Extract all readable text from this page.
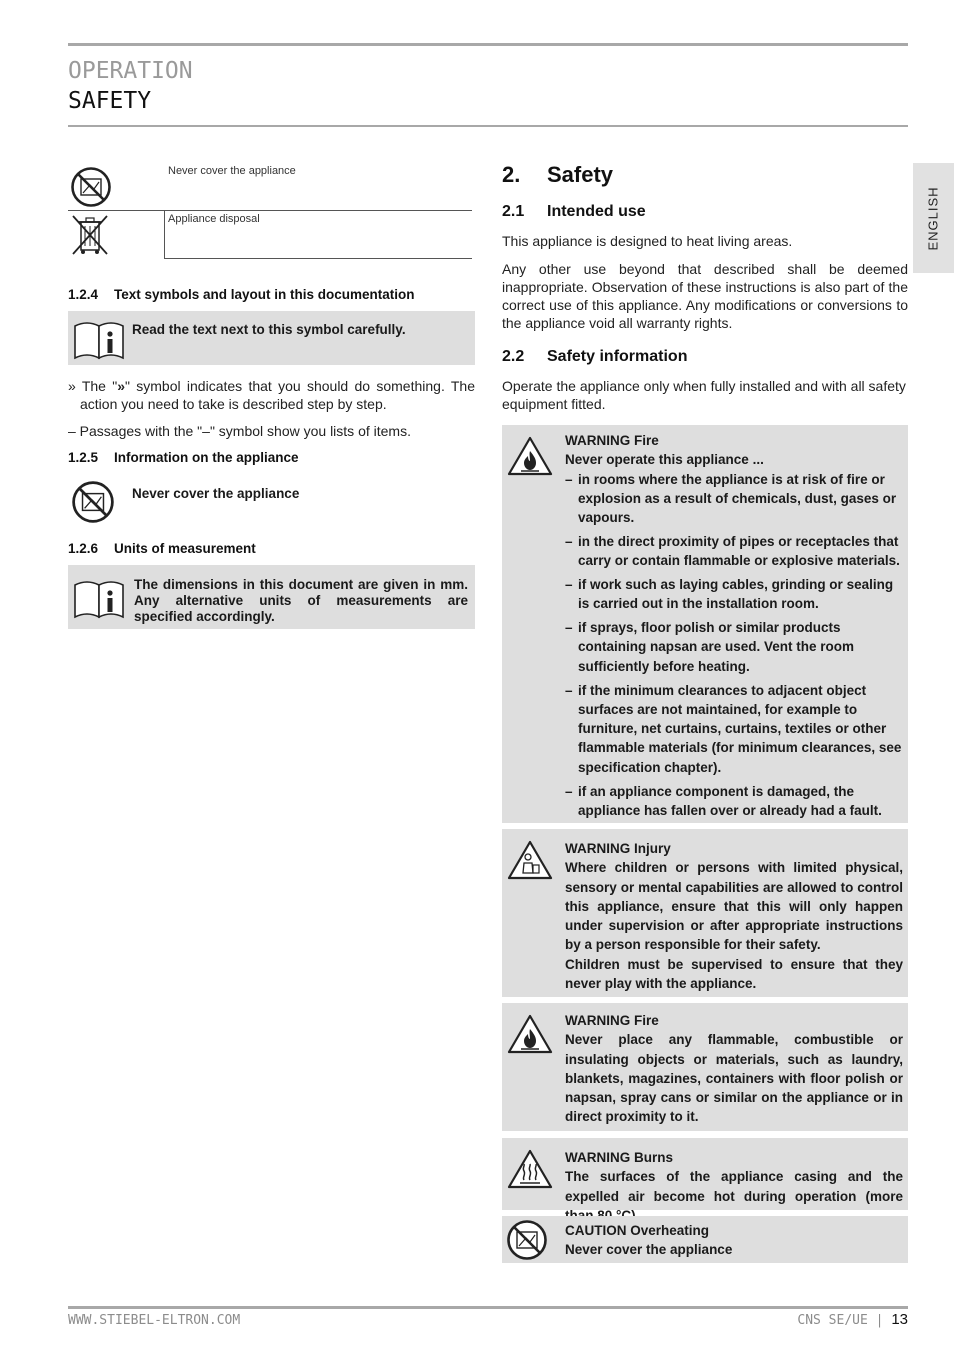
OPERATION
SAFETY
ENGLISH
Never cover the appliance
Appliance disposal
1.2.4 Text symbols and layout in this documentation
Read the text next to this symbol carefully.
» The "»" symbol indicates that you should do something. The action you need to take is described step by step.
– Passages with the "–" symbol show you lists of items.
1.2.5 Information on the appliance
Never cover the appliance
1.2.6 Units of measurement
The dimensions in this document are given in mm. Any alternative units of measurements are specified accordingly.
2. Safety
2.1 Intended use
This appliance is designed to heat living areas.
Any other use beyond that described shall be deemed inappropriate. Observation of these instructions is also part of the correct use of this appliance. Any modifications or conversions to the appliance void all warranty rights.
2.2 Safety information
Operate the appliance only when fully installed and with all safety equipment fitted.
WARNING Fire
Never operate this appliance ...
– in rooms where the appliance is at risk of fire or explosion as a result of chemicals, dust, gases or vapours.
– in the direct proximity of pipes or receptacles that carry or contain flammable or explosive materials.
– if work such as laying cables, grinding or sealing is carried out in the installation room.
– if sprays, floor polish or similar products containing napsan are used. Vent the room sufficiently before heating.
– if the minimum clearances to adjacent object surfaces are not maintained, for example to furniture, net curtains, curtains, textiles or other flammable materials (for minimum clearances, see specification chapter).
– if an appliance component is damaged, the appliance has fallen over or already had a fault.
WARNING Injury
Where children or persons with limited physical, sensory or mental capabilities are allowed to control this appliance, ensure that this will only happen under supervision or after appropriate instructions by a person responsible for their safety.
Children must be supervised to ensure that they never play with the appliance.
WARNING Fire
Never place any flammable, combustible or insulating objects or materials, such as laundry, blankets, magazines, containers with floor polish or napsan, spray cans or similar on the appliance or in direct proximity to it.
WARNING Burns
The surfaces of the appliance casing and the expelled air become hot during operation (more
CAUTION Overheating
Never cover the appliance
WWW.STIEBEL-ELTRON.COM	CNS SE/UE | 13
